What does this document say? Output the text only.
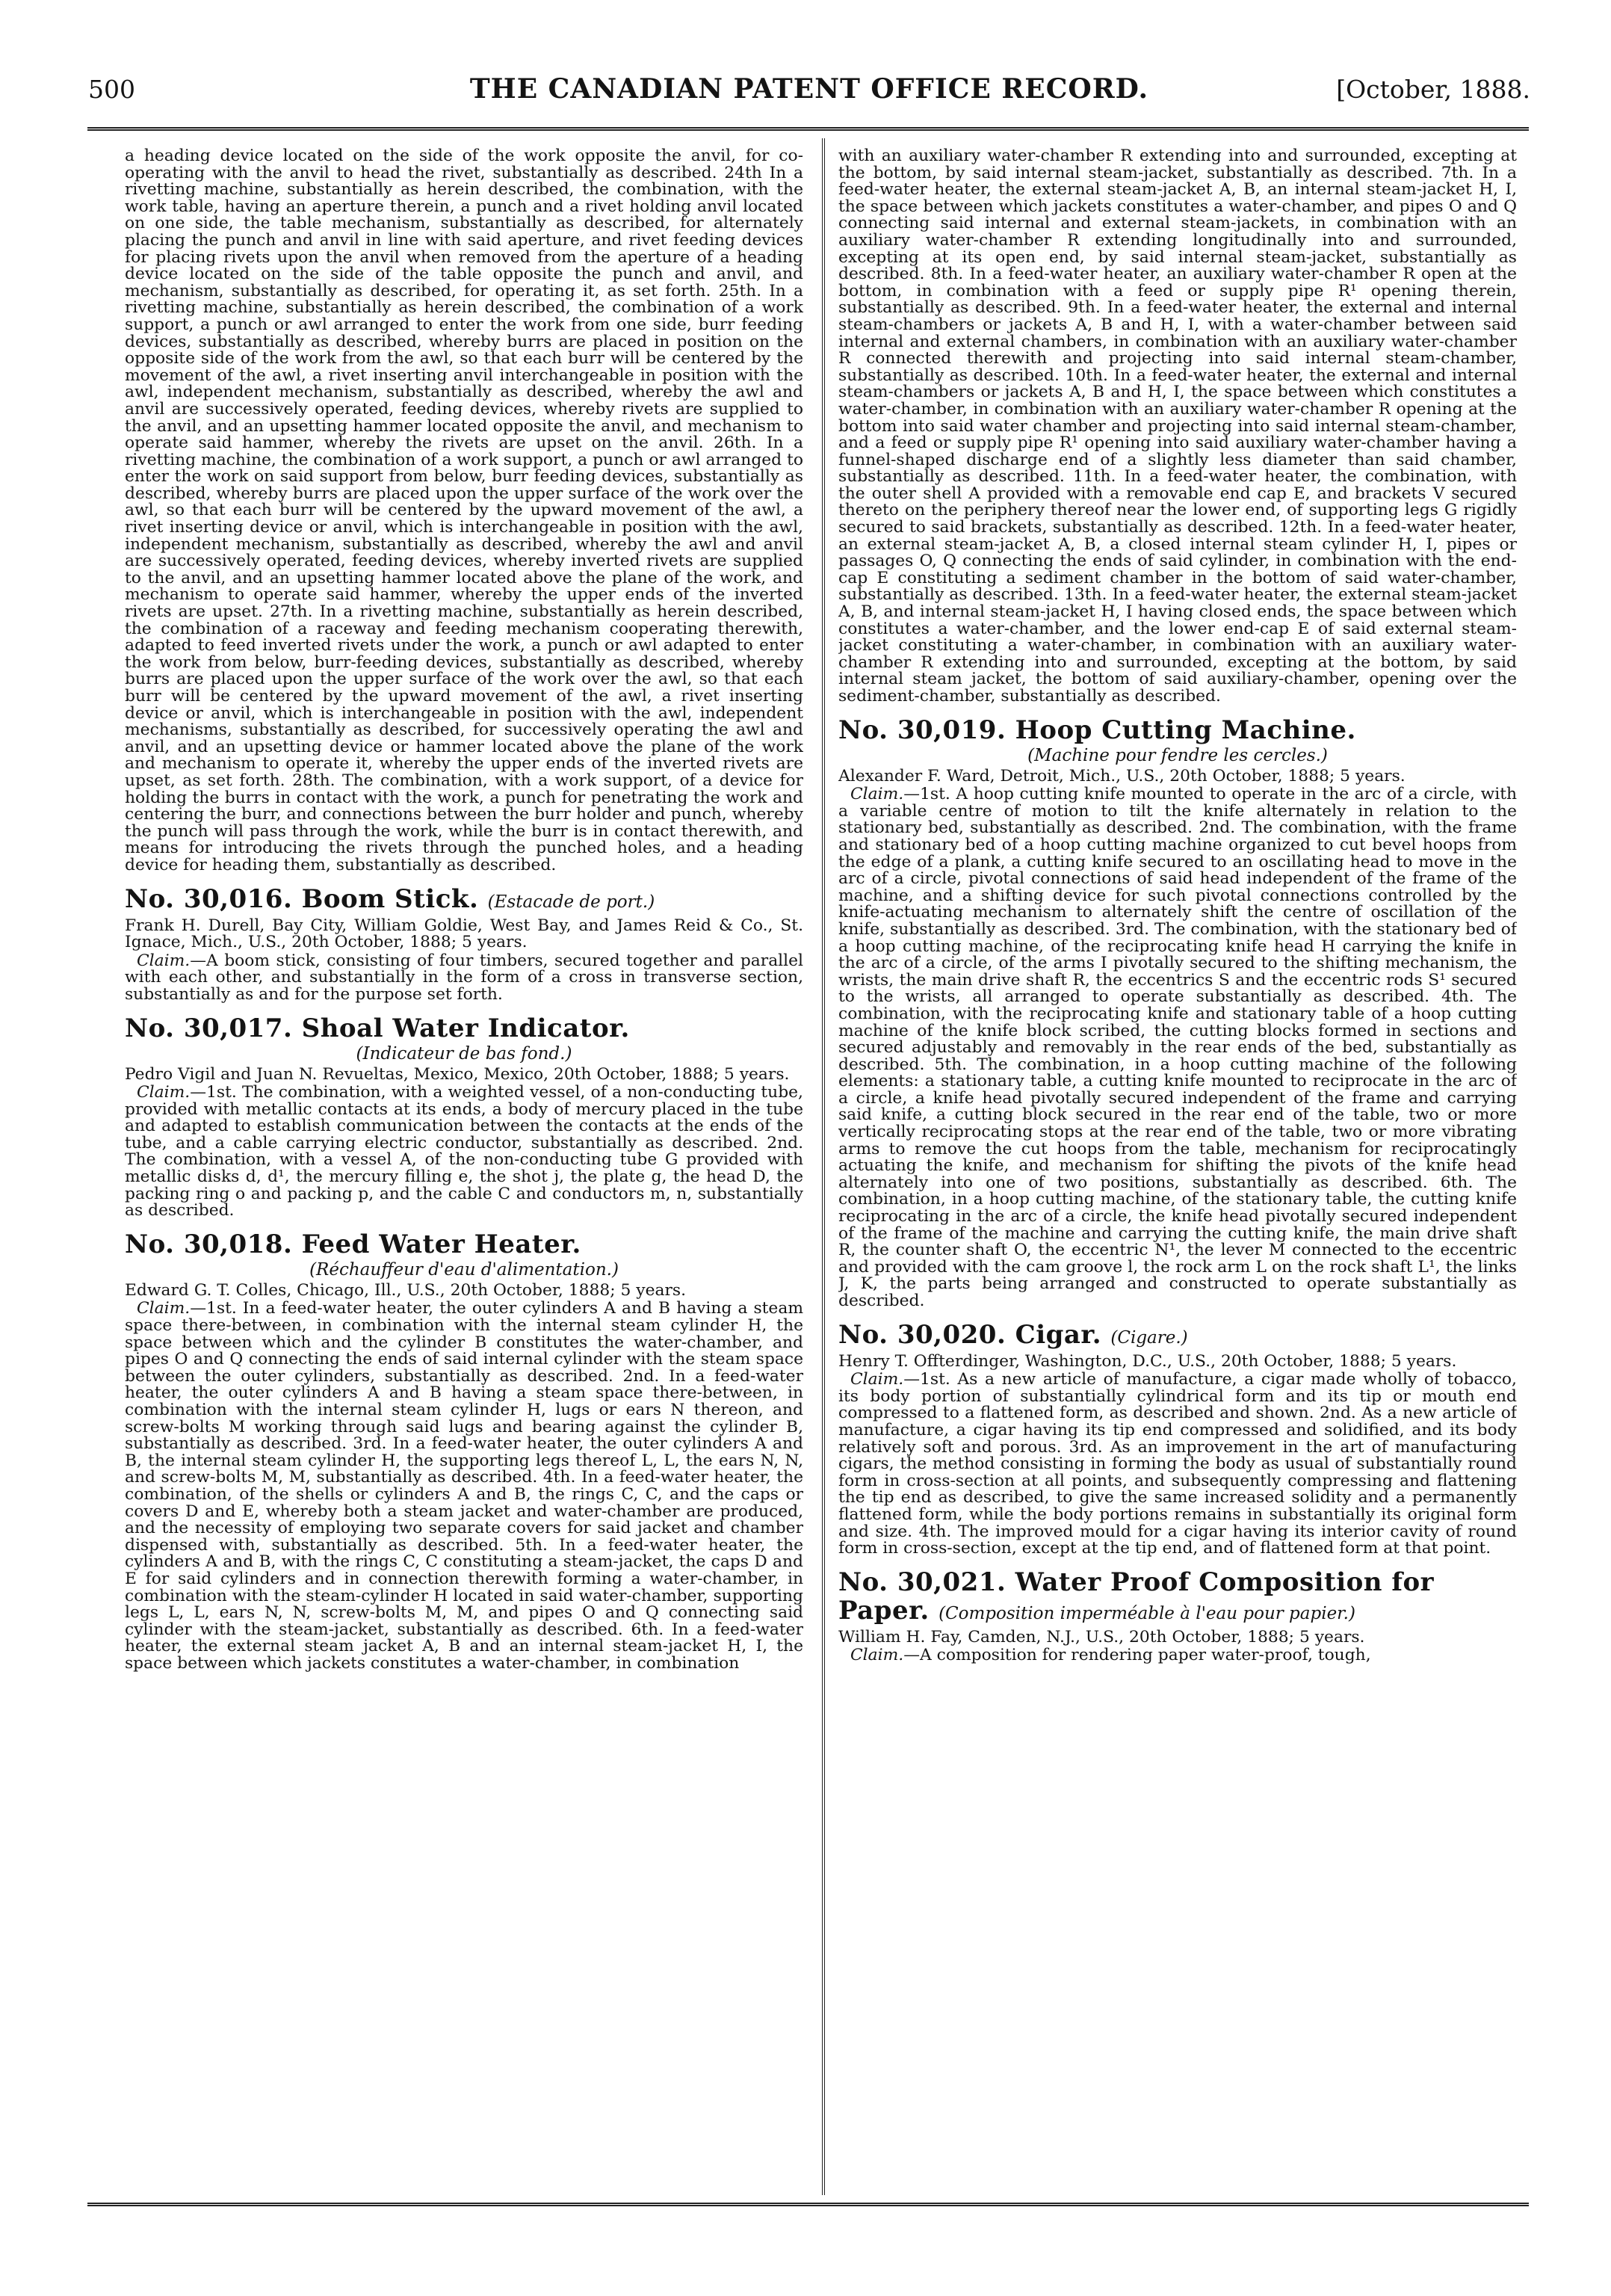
500	THE CANADIAN PATENT OFFICE RECORD.	[October, 1888.

a heading device located on the side of the work opposite the anvil, for co-operating with the anvil to head the rivet, substantially as described. 24th In a rivetting machine, substantially as herein described, the combination, with the work table, having an aperture therein, a punch and a rivet holding anvil located on one side, the table mechanism, substantially as described, for alternately placing the punch and anvil in line with said aperture, and rivet feeding devices for placing rivets upon the anvil when removed from the aperture of a heading device located on the side of the table opposite the punch and anvil, and mechanism, substantially as described, for operating it, as set forth. 25th. In a rivetting machine, substantially as herein described, the combination of a work support, a punch or awl arranged to enter the work from one side, burr feeding devices, substantially as described, whereby burrs are placed in position on the opposite side of the work from the awl, so that each burr will be centered by the movement of the awl, a rivet inserting anvil interchangeable in position with the awl, independent mechanism, substantially as described, whereby the awl and anvil are successively operated, feeding devices, whereby rivets are supplied to the anvil, and an upsetting hammer located opposite the anvil, and mechanism to operate said hammer, whereby the rivets are upset on the anvil. 26th. In a rivetting machine, the combination of a work support, a punch or awl arranged to enter the work on said support from below, burr feeding devices, substantially as described, whereby burrs are placed upon the upper surface of the work over the awl, so that each burr will be centered by the upward movement of the awl, a rivet inserting device or anvil, which is interchangeable in position with the awl, independent mechanism, substantially as described, whereby the awl and anvil are successively operated, feeding devices, whereby inverted rivets are supplied to the anvil, and an upsetting hammer located above the plane of the work, and mechanism to operate said hammer, whereby the upper ends of the inverted rivets are upset. 27th. In a rivetting machine, substantially as herein described, the combination of a raceway and feeding mechanism cooperating therewith, adapted to feed inverted rivets under the work, a punch or awl adapted to enter the work from below, burr-feeding devices, substantially as described, whereby burrs are placed upon the upper surface of the work over the awl, so that each burr will be centered by the upward movement of the awl, a rivet inserting device or anvil, which is interchangeable in position with the awl, independent mechanisms, substantially as described, for successively operating the awl and anvil, and an upsetting device or hammer located above the plane of the work and mechanism to operate it, whereby the upper ends of the inverted rivets are upset, as set forth. 28th. The combination, with a work support, of a device for holding the burrs in contact with the work, a punch for penetrating the work and centering the burr, and connections between the burr holder and punch, whereby the punch will pass through the work, while the burr is in contact therewith, and means for introducing the rivets through the punched holes, and a heading device for heading them, substantially as described.

No. 30,016. Boom Stick. (Estacade de port.)

Frank H. Durell, Bay City, William Goldie, West Bay, and James Reid & Co., St. Ignace, Mich., U.S., 20th October, 1888; 5 years.

Claim.—A boom stick, consisting of four timbers, secured together and parallel with each other, and substantially in the form of a cross in transverse section, substantially as and for the purpose set forth.

No. 30,017. Shoal Water Indicator.
(Indicateur de bas fond.)

Pedro Vigil and Juan N. Revueltas, Mexico, Mexico, 20th October, 1888; 5 years.

Claim.—1st. The combination, with a weighted vessel, of a non-conducting tube, provided with metallic contacts at its ends, a body of mercury placed in the tube and adapted to establish communication between the contacts at the ends of the tube, and a cable carrying electric conductor, substantially as described. 2nd. The combination, with a vessel A, of the non-conducting tube G provided with metallic disks d, d¹, the mercury filling e, the shot j, the plate g, the head D, the packing ring o and packing p, and the cable C and conductors m, n, substantially as described.

No. 30,018. Feed Water Heater.
(Réchauffeur d'eau d'alimentation.)

Edward G. T. Colles, Chicago, Ill., U.S., 20th October, 1888; 5 years.

Claim.—1st. In a feed-water heater, the outer cylinders A and B having a steam space there-between, in combination with the internal steam cylinder H, the space between which and the cylinder B constitutes the water-chamber, and pipes O and Q connecting the ends of said internal cylinder with the steam space between the outer cylinders, substantially as described. 2nd. In a feed-water heater, the outer cylinders A and B having a steam space there-between, in combination with the internal steam cylinder H, lugs or ears N thereon, and screw-bolts M working through said lugs and bearing against the cylinder B, substantially as described. 3rd. In a feed-water heater, the outer cylinders A and B, the internal steam cylinder H, the supporting legs thereof L, L, the ears N, N, and screw-bolts M, M, substantially as described. 4th. In a feed-water heater, the combination, of the shells or cylinders A and B, the rings C, C, and the caps or covers D and E, whereby both a steam jacket and water-chamber are produced, and the necessity of employing two separate covers for said jacket and chamber dispensed with, substantially as described. 5th. In a feed-water heater, the cylinders A and B, with the rings C, C constituting a steam-jacket, the caps D and E for said cylinders and in connection therewith forming a water-chamber, in combination with the steam-cylinder H located in said water-chamber, supporting legs L, L, ears N, N, screw-bolts M, M, and pipes O and Q connecting said cylinder with the steam-jacket, substantially as described. 6th. In a feed-water heater, the external steam jacket A, B and an internal steam-jacket H, I, the space between which jackets constitutes a water-chamber, in combination

with an auxiliary water-chamber R extending into and surrounded, excepting at the bottom, by said internal steam-jacket, substantially as described. 7th. In a feed-water heater, the external steam-jacket A, B, an internal steam-jacket H, I, the space between which jackets constitutes a water-chamber, and pipes O and Q connecting said internal and external steam-jackets, in combination with an auxiliary water-chamber R extending longitudinally into and surrounded, excepting at its open end, by said internal steam-jacket, substantially as described. 8th. In a feed-water heater, an auxiliary water-chamber R open at the bottom, in combination with a feed or supply pipe R¹ opening therein, substantially as described. 9th. In a feed-water heater, the external and internal steam-chambers or jackets A, B and H, I, with a water-chamber between said internal and external chambers, in combination with an auxiliary water-chamber R connected therewith and projecting into said internal steam-chamber, substantially as described. 10th. In a feed-water heater, the external and internal steam-chambers or jackets A, B and H, I, the space between which constitutes a water-chamber, in combination with an auxiliary water-chamber R opening at the bottom into said water chamber and projecting into said internal steam-chamber, and a feed or supply pipe R¹ opening into said auxiliary water-chamber having a funnel-shaped discharge end of a slightly less diameter than said chamber, substantially as described. 11th. In a feed-water heater, the combination, with the outer shell A provided with a removable end cap E, and brackets V secured thereto on the periphery thereof near the lower end, of supporting legs G rigidly secured to said brackets, substantially as described. 12th. In a feed-water heater, an external steam-jacket A, B, a closed internal steam cylinder H, I, pipes or passages O, Q connecting the ends of said cylinder, in combination with the end-cap E constituting a sediment chamber in the bottom of said water-chamber, substantially as described. 13th. In a feed-water heater, the external steam-jacket A, B, and internal steam-jacket H, I having closed ends, the space between which constitutes a water-chamber, and the lower end-cap E of said external steam-jacket constituting a water-chamber, in combination with an auxiliary water-chamber R extending into and surrounded, excepting at the bottom, by said internal steam jacket, the bottom of said auxiliary-chamber, opening over the sediment-chamber, substantially as described.

No. 30,019. Hoop Cutting Machine.
(Machine pour fendre les cercles.)

Alexander F. Ward, Detroit, Mich., U.S., 20th October, 1888; 5 years.

Claim.—1st. A hoop cutting knife mounted to operate in the arc of a circle, with a variable centre of motion to tilt the knife alternately in relation to the stationary bed, substantially as described. 2nd. The combination, with the frame and stationary bed of a hoop cutting machine organized to cut bevel hoops from the edge of a plank, a cutting knife secured to an oscillating head to move in the arc of a circle, pivotal connections of said head independent of the frame of the machine, and a shifting device for such pivotal connections controlled by the knife-actuating mechanism to alternately shift the centre of oscillation of the knife, substantially as described. 3rd. The combination, with the stationary bed of a hoop cutting machine, of the reciprocating knife head H carrying the knife in the arc of a circle, of the arms I pivotally secured to the shifting mechanism, the wrists, the main drive shaft R, the eccentrics S and the eccentric rods S¹ secured to the wrists, all arranged to operate substantially as described. 4th. The combination, with the reciprocating knife and stationary table of a hoop cutting machine of the knife block scribed, the cutting blocks formed in sections and secured adjustably and removably in the rear ends of the bed, substantially as described. 5th. The combination, in a hoop cutting machine of the following elements: a stationary table, a cutting knife mounted to reciprocate in the arc of a circle, a knife head pivotally secured independent of the frame and carrying said knife, a cutting block secured in the rear end of the table, two or more vertically reciprocating stops at the rear end of the table, two or more vibrating arms to remove the cut hoops from the table, mechanism for reciprocatingly actuating the knife, and mechanism for shifting the pivots of the knife head alternately into one of two positions, substantially as described. 6th. The combination, in a hoop cutting machine, of the stationary table, the cutting knife reciprocating in the arc of a circle, the knife head pivotally secured independent of the frame of the machine and carrying the cutting knife, the main drive shaft R, the counter shaft O, the eccentric N¹, the lever M connected to the eccentric and provided with the cam groove l, the rock arm L on the rock shaft L¹, the links J, K, the parts being arranged and constructed to operate substantially as described.

No. 30,020. Cigar. (Cigare.)

Henry T. Offterdinger, Washington, D.C., U.S., 20th October, 1888; 5 years.

Claim.—1st. As a new article of manufacture, a cigar made wholly of tobacco, its body portion of substantially cylindrical form and its tip or mouth end compressed to a flattened form, as described and shown. 2nd. As a new article of manufacture, a cigar having its tip end compressed and solidified, and its body relatively soft and porous. 3rd. As an improvement in the art of manufacturing cigars, the method consisting in forming the body as usual of substantially round form in cross-section at all points, and subsequently compressing and flattening the tip end as described, to give the same increased solidity and a permanently flattened form, while the body portions remains in substantially its original form and size. 4th. The improved mould for a cigar having its interior cavity of round form in cross-section, except at the tip end, and of flattened form at that point.

No. 30,021. Water Proof Composition for Paper. (Composition imperméable à l'eau pour papier.)

William H. Fay, Camden, N.J., U.S., 20th October, 1888; 5 years.

Claim.—A composition for rendering paper water-proof, tough,
